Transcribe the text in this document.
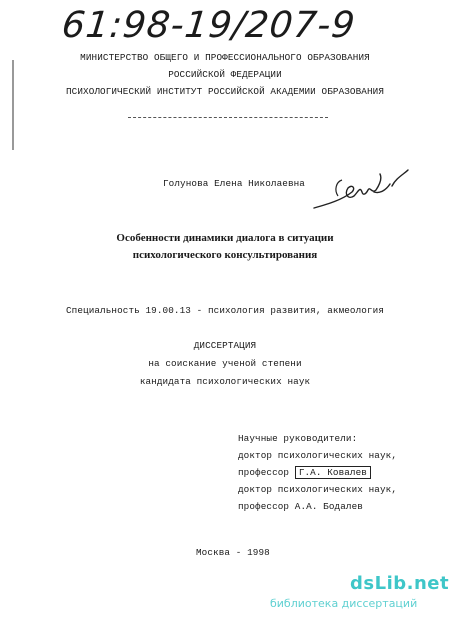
61:98-19/207-9
МИНИСТЕРСТВО ОБЩЕГО И ПРОФЕССИОНАЛЬНОГО ОБРАЗОВАНИЯ
РОССИЙСКОЙ ФЕДЕРАЦИИ
ПСИХОЛОГИЧЕСКИЙ ИНСТИТУТ РОССИЙСКОЙ АКАДЕМИИ ОБРАЗОВАНИЯ
Голунова Елена Николаевна
Особенности динамики диалога в ситуации
психологического консультирования
Специальность 19.00.13 - психология развития, акмеология
ДИССЕРТАЦИЯ
на соискание ученой степени
кандидата психологических наук
Научные руководители:
доктор психологических наук,
профессор Г.А. Ковалев
доктор психологических наук,
профессор А.А. Бодалев
Москва - 1998
dsLib.net
библиотека диссертаций
